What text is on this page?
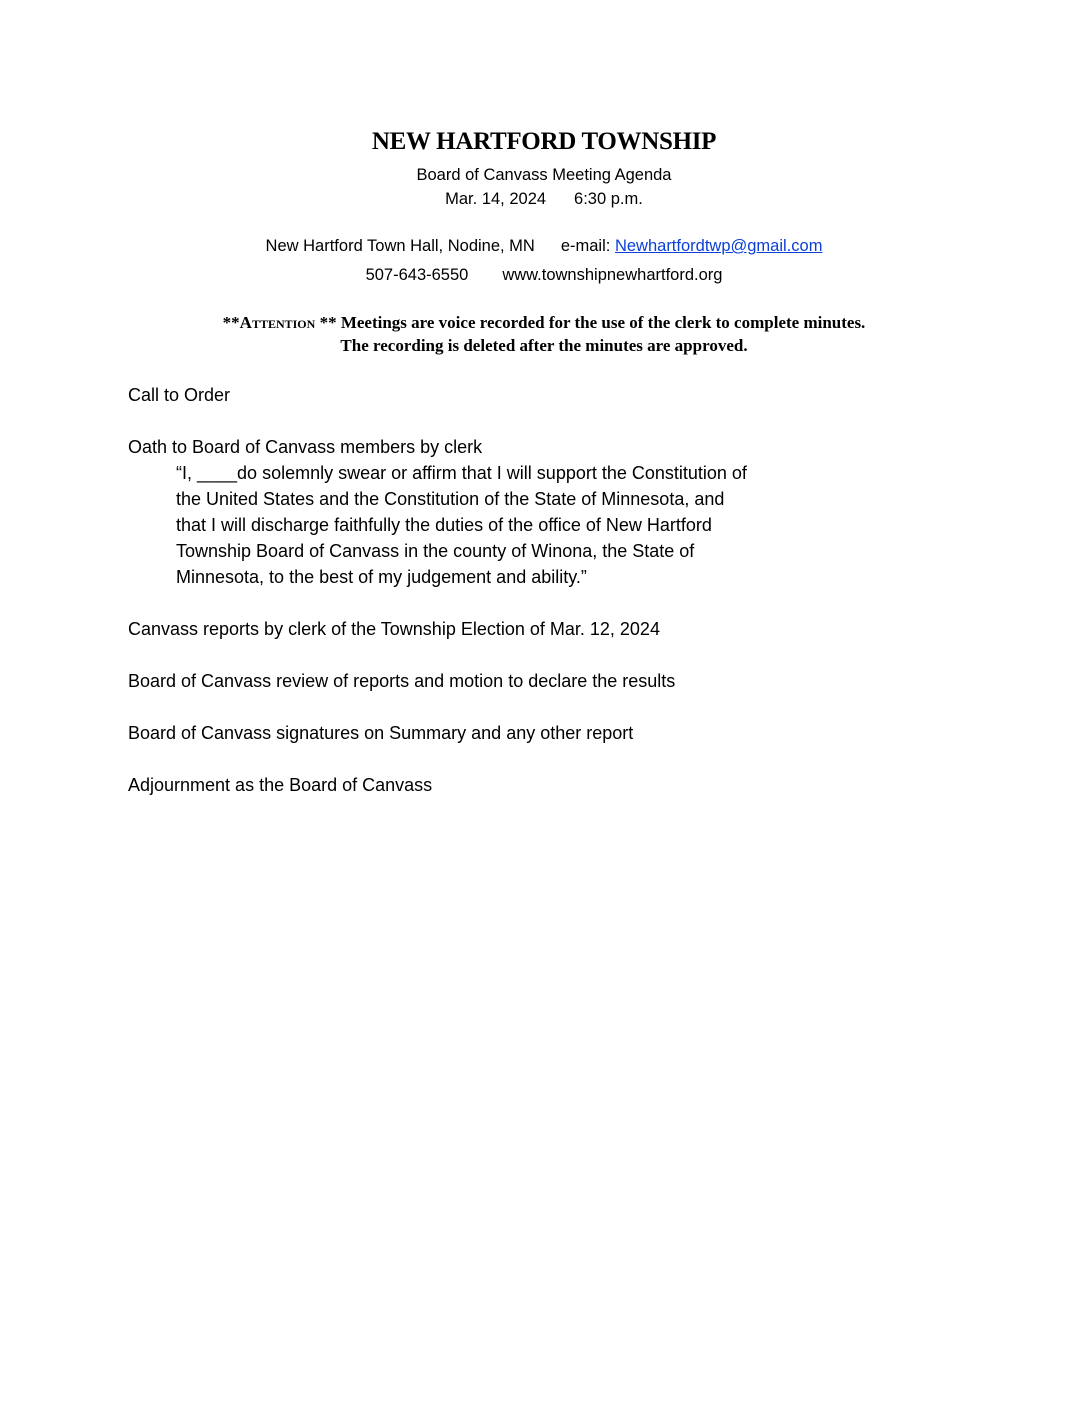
NEW HARTFORD TOWNSHIP
Board of Canvass Meeting Agenda
Mar. 14, 2024 6:30 p.m.
New Hartford Town Hall, Nodine, MN e-mail: Newhartfordtwp@gmail.com
507-643-6550 www.townshipnewhartford.org
**Attention ** Meetings are voice recorded for the use of the clerk to complete minutes.
The recording is deleted after the minutes are approved.
Call to Order
Oath to Board of Canvass members by clerk
“I, ____do solemnly swear or affirm that I will support the Constitution of
the United States and the Constitution of the State of Minnesota, and
that I will discharge faithfully the duties of the office of New Hartford
Township Board of Canvass in the county of Winona, the State of
Minnesota, to the best of my judgement and ability.”
Canvass reports by clerk of the Township Election of Mar. 12, 2024
Board of Canvass review of reports and motion to declare the results
Board of Canvass signatures on Summary and any other report
Adjournment as the Board of Canvass
